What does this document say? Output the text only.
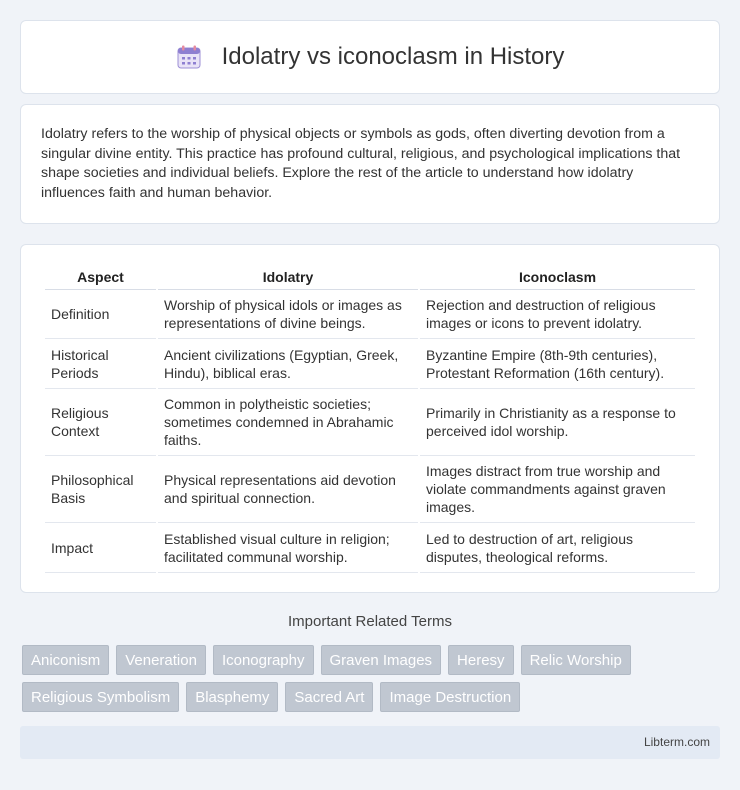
Idolatry vs iconoclasm in History

Idolatry refers to the worship of physical objects or symbols as gods, often diverting devotion from a singular divine entity. This practice has profound cultural, religious, and psychological implications that shape societies and individual beliefs. Explore the rest of the article to understand how idolatry influences faith and human behavior.

Aspect	Idolatry	Iconoclasm
Definition	Worship of physical idols or images as representations of divine beings.	Rejection and destruction of religious images or icons to prevent idolatry.
Historical Periods	Ancient civilizations (Egyptian, Greek, Hindu), biblical eras.	Byzantine Empire (8th-9th centuries), Protestant Reformation (16th century).
Religious Context	Common in polytheistic societies; sometimes condemned in Abrahamic faiths.	Primarily in Christianity as a response to perceived idol worship.
Philosophical Basis	Physical representations aid devotion and spiritual connection.	Images distract from true worship and violate commandments against graven images.
Impact	Established visual culture in religion; facilitated communal worship.	Led to destruction of art, religious disputes, theological reforms.
Important Related Terms
Aniconism	Veneration	Iconography	Graven Images	Heresy	Relic Worship
Religious Symbolism	Blasphemy	Sacred Art	Image Destruction
Libterm.com
